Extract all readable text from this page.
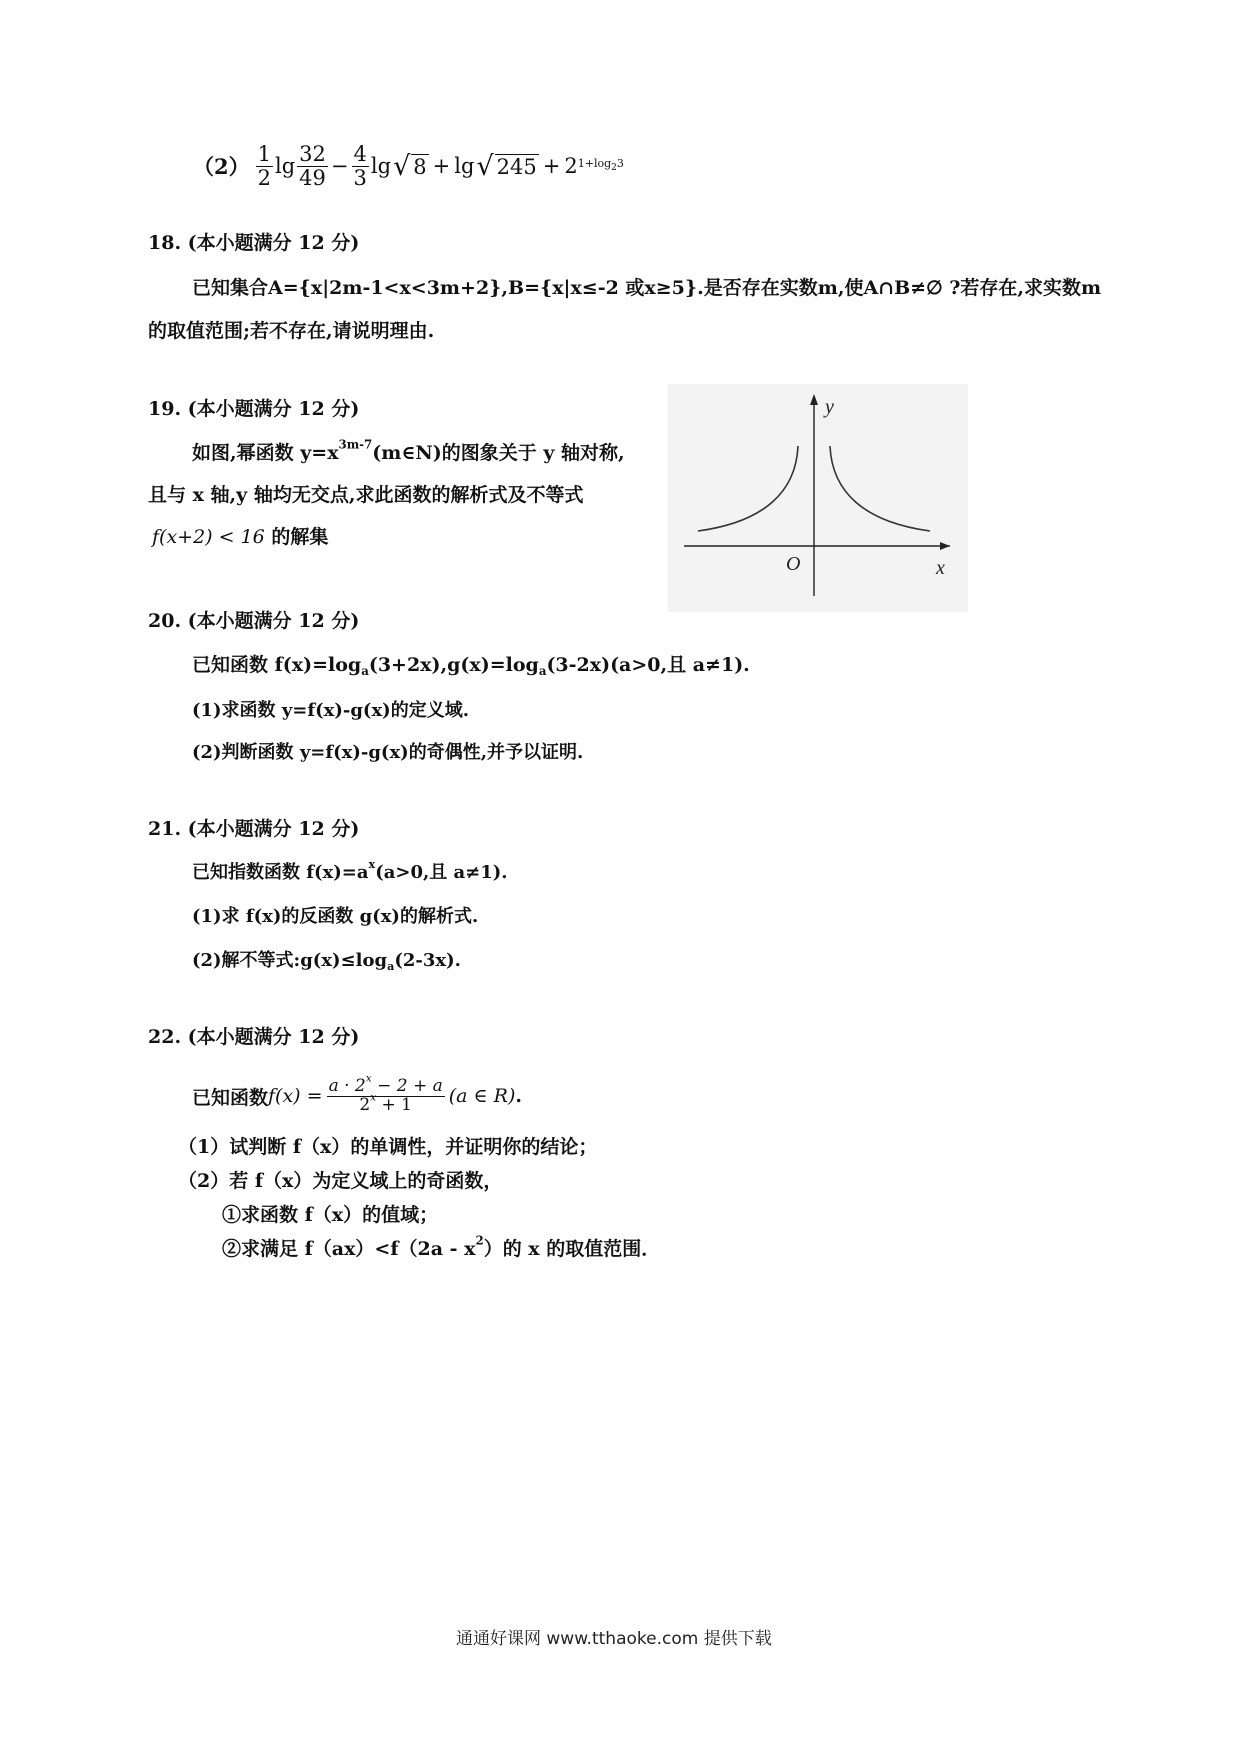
$(2) \frac{1}{2}$ $\lg \frac{32}{49} - \frac{4}{3}$ lg √ 8 + lg √ 245 + 2 $1+\log_23$
18. (本小题满分 12 分)
已知集合A={x|2m-1<x<3m+2},B={x|x≤-2 或x≥5}.是否存在实数m,使A∩B≠∅ ?若存在,求实数m
的取值范围;若不存在,请说明理由.
19. (本小题满分 12 分)
如图,幂函数 $y=x^{3m-7}(m\in N)$的图象关于 y 轴对称,
且与 x 轴,y 轴均无交点,求此函数的解析式及不等式
f(x+2) < 16 的解集
y
x
O
20. (本小题满分 12 分)
已知函数 $f(x)=\log_a(3+2x),g(x)=\log_a(3-2x)(a>0$,且 a≠1).
(1)求函数 y=f(x)-g(x)的定义域.
(2)判断函数 y=f(x)-g(x)的奇偶性,并予以证明.
21. (本小题满分 12 分)
已知指数函数 $f(x)=a^x(a>0$,且 a≠1).
(1)求 f(x)的反函数 g(x)的解析式.
(2)解不等式$:g(x)\le\log_a(2-3x)$.
22. (本小题满分 12 分)
已知函数 $f(x) = \frac{a \cdot 2^x - 2 + a}{2^x + 1} (a$ ∈ R) .
（1）试判断 f（x）的单调性，并证明你的结论；
（2）若 f（x）为定义域上的奇函数，
①求函数 f（x）的值域；
②求满足 $f(ax)<f(2a - x^2)$的 x 的取值范围．
通通好课网 www.tthaoke.com 提供下载
